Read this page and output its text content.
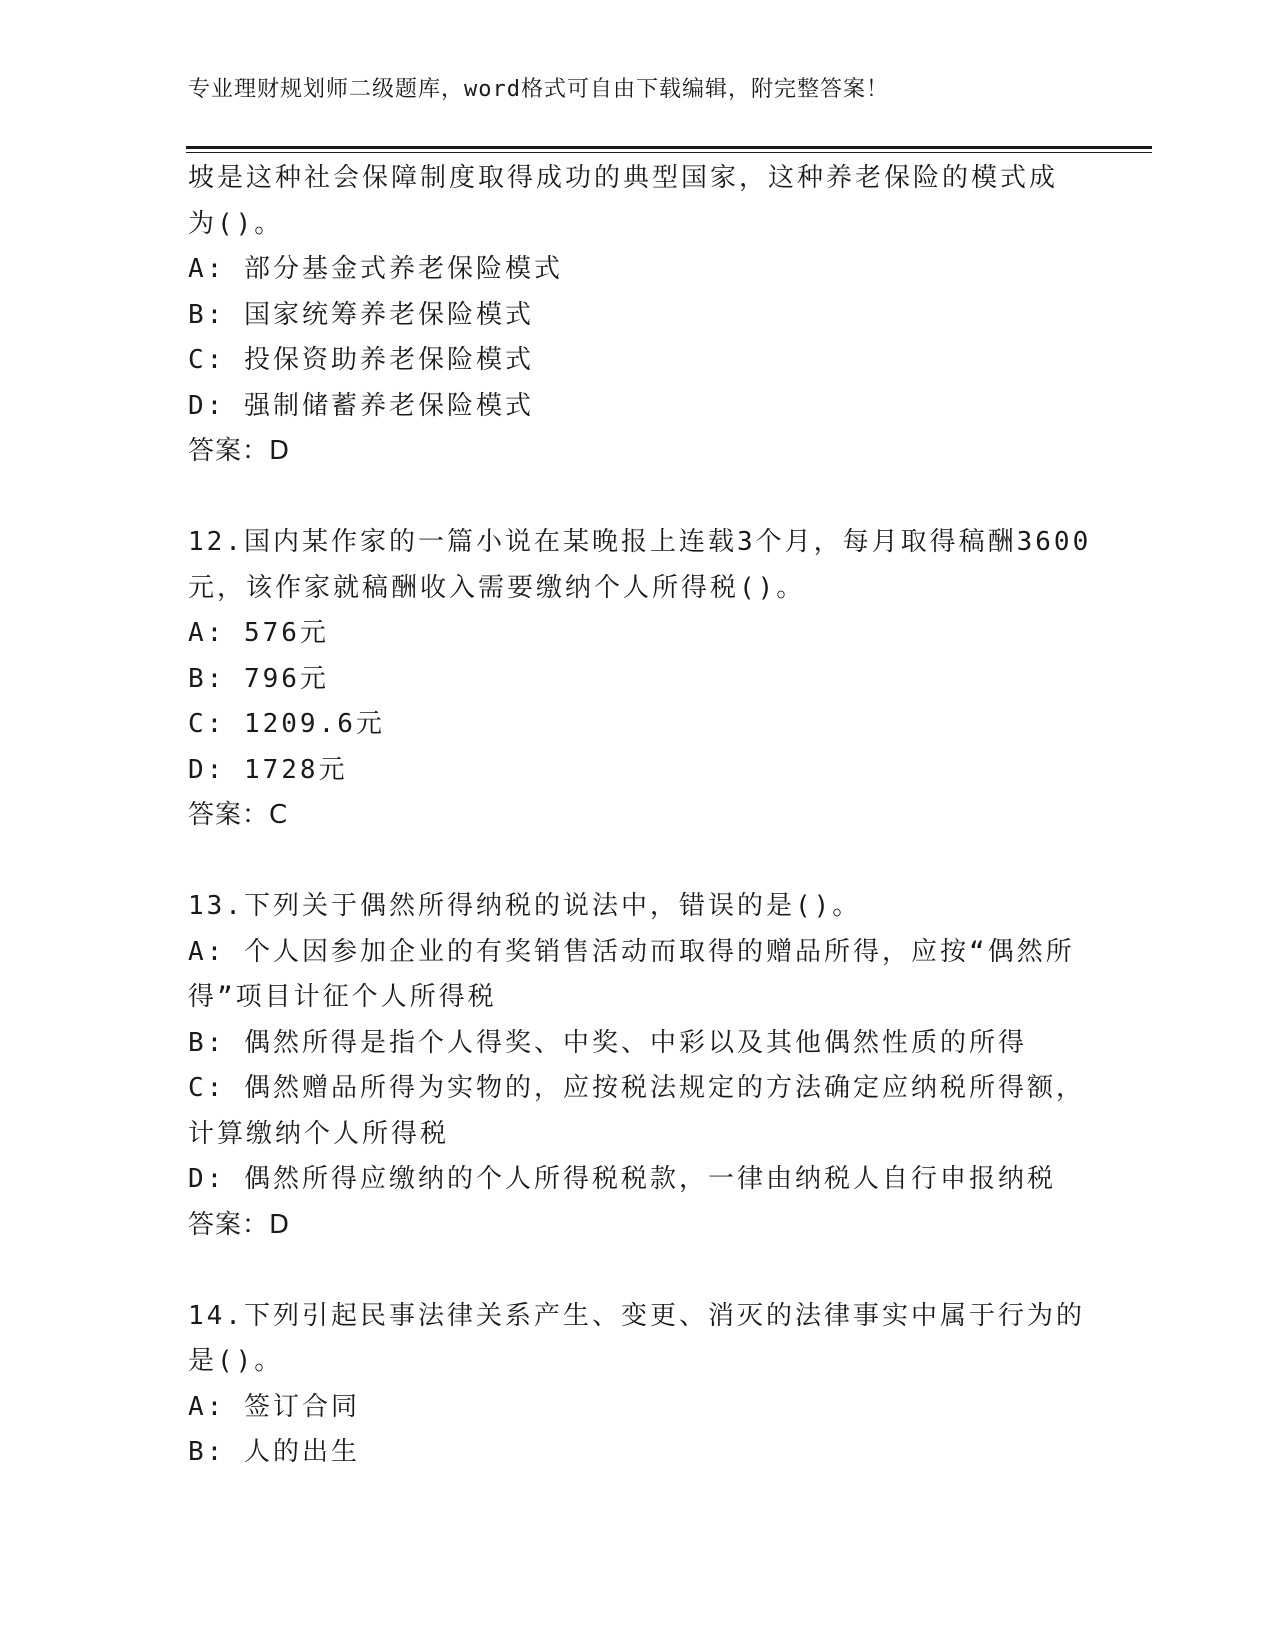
专业理财规划师二级题库，word格式可自由下载编辑，附完整答案！
坡是这种社会保障制度取得成功的典型国家，这种养老保险的模式成
为()。
A: 部分基金式养老保险模式
B: 国家统筹养老保险模式
C: 投保资助养老保险模式
D: 强制储蓄养老保险模式
答案：D
12.国内某作家的一篇小说在某晚报上连载3个月，每月取得稿酬3600
元，该作家就稿酬收入需要缴纳个人所得税()。
A: 576元
B: 796元
C: 1209.6元
D: 1728元
答案：C
13.下列关于偶然所得纳税的说法中，错误的是()。
A: 个人因参加企业的有奖销售活动而取得的赠品所得，应按“偶然所
得”项目计征个人所得税
B: 偶然所得是指个人得奖、中奖、中彩以及其他偶然性质的所得
C: 偶然赠品所得为实物的，应按税法规定的方法确定应纳税所得额，
计算缴纳个人所得税
D: 偶然所得应缴纳的个人所得税税款，一律由纳税人自行申报纳税
答案：D
14.下列引起民事法律关系产生、变更、消灭的法律事实中属于行为的
是()。
A: 签订合同
B: 人的出生
